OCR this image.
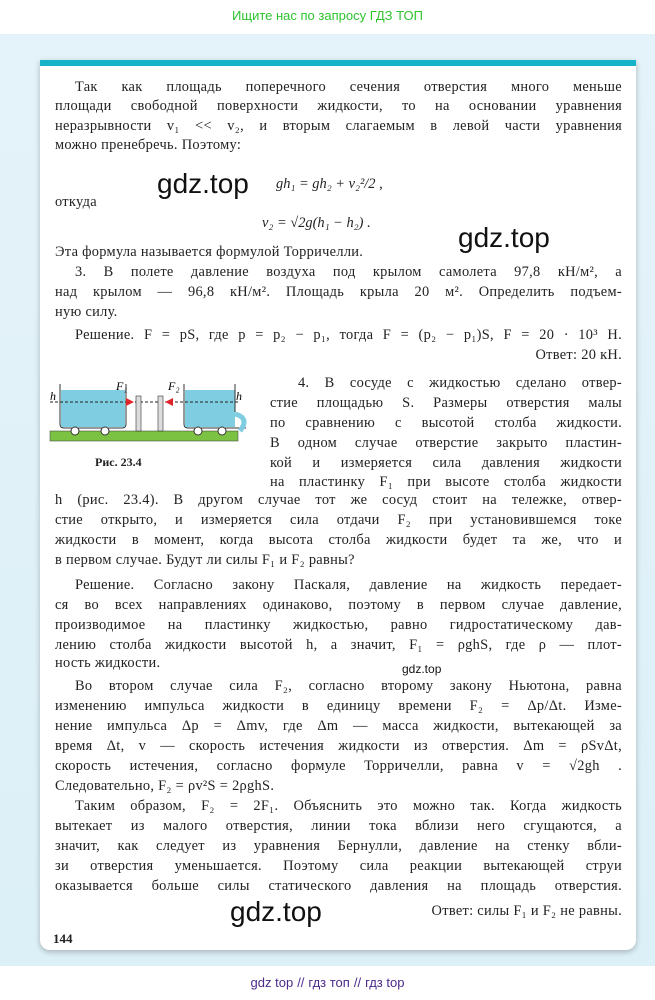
Ищите нас по запросу ГДЗ ТОП
Так как площадь поперечного сечения отверстия много меньше
площади свободной поверхности жидкости, то на основании уравнения
неразрывности v₁ << v₂, и вторым слагаемым в левой части уравнения
можно пренебречь. Поэтому:
откуда
Эта формула называется формулой Торричелли.
3. В полете давление воздуха под крылом самолета 97,8 кН/м², а
над крылом — 96,8 кН/м². Площадь крыла 20 м². Определить подъем-
ную силу.
Решение. F = pS, где p = p₂ − p₁, тогда F = (p₂ − p₁)S, F = 20 · 10³ Н.
Ответ: 20 кН.
4. В сосуде с жидкостью сделано отвер-
стие площадью S. Размеры отверстия малы
по сравнению с высотой столба жидкости.
В одном случае отверстие закрыто пластин-
кой и измеряется сила давления жидкости
на пластинку F₁ при высоте столба жидкости
h (рис. 23.4). В другом случае тот же сосуд стоит на тележке, отвер-
стие открыто, и измеряется сила отдачи F₂ при установившемся токе
жидкости в момент, когда высота столба жидкости будет та же, что и
в первом случае. Будут ли силы F₁ и F₂ равны?
Решение. Согласно закону Паскаля, давление на жидкость передает-
ся во всех направлениях одинаково, поэтому в первом случае давление,
производимое на пластинку жидкостью, равно гидростатическому дав-
лению столба жидкости высотой h, а значит, F₁ = ρghS, где ρ — плот-
ность жидкости.
Во втором случае сила F₂, согласно второму закону Ньютона, равна
изменению импульса жидкости в единицу времени F₂ = Δp/Δt. Изме-
нение импульса Δp = Δmv, где Δm — масса жидкости, вытекающей за
время Δt, v — скорость истечения жидкости из отверстия. Δm = ρSvΔt,
скорость истечения, согласно формуле Торричелли, равна v = √2gh .
Следовательно, F₂ = ρv²S = 2ρghS.
Таким образом, F₂ = 2F₁. Объяснить это можно так. Когда жидкость
вытекает из малого отверстия, линии тока вблизи него сгущаются, а
значит, как следует из уравнения Бернулли, давление на стенку вбли-
зи отверстия уменьшается. Поэтому сила реакции вытекающей струи
оказывается больше силы статического давления на площадь отверстия.
Ответ: силы F₁ и F₂ не равны.
gh₁ = gh₂ + v₂²/2 ,
v₂ = √2g(h₁ − h₂) .
F₁	F₂
h	h
Рис. 23.4
gdz.top
gdz.top
gdz.top
gdz.top
144
gdz top // гдз топ // гдз top
